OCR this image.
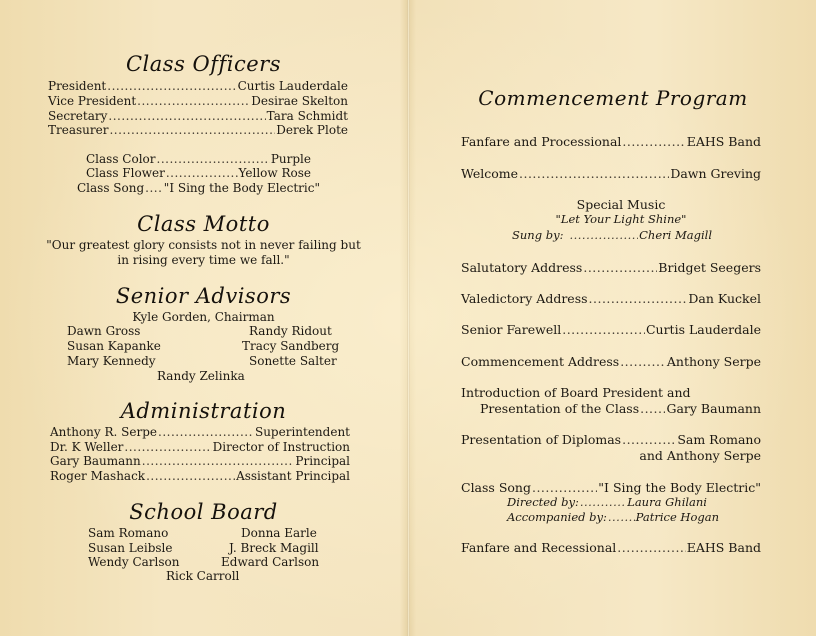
Class Officers
President .....	Curtis Lauderdale
Vice President .....	Desirae Skelton
Secretary .....	Tara Schmidt
Treasurer .....	Derek Plote
Class Color .....	Purple
Class Flower .....	Yellow Rose
Class Song ..... "I Sing the Body Electric"
Class Motto
"Our greatest glory consists not in never failing but
in rising every time we fall."
Senior Advisors
Kyle Gorden, Chairman
Dawn Gross	Randy Ridout
Susan Kapanke	Tracy Sandberg
Mary Kennedy	Sonette Salter
Randy Zelinka
Administration
Anthony R. Serpe .....	Superintendent
Dr. K Weller .....	Director of Instruction
Gary Baumann .....	Principal
Roger Mashack .....	Assistant Principal
School Board
Sam Romano	Donna Earle
Susan Leibsle	J. Breck Magill
Wendy Carlson	Edward Carlson
Rick Carroll
Commencement Program
Fanfare and Processional .....	EAHS Band
Welcome .....	Dawn Greving
Special Music
"Let Your Light Shine"
Sung by: .....	Cheri Magill
Salutatory Address .....	Bridget Seegers
Valedictory Address .....	Dan Kuckel
Senior Farewell .....	Curtis Lauderdale
Commencement Address .....	Anthony Serpe
Introduction of Board President and
Presentation of the Class ..... Gary Baumann
Presentation of Diplomas .....	Sam Romano
and Anthony Serpe
Class Song .....	"I Sing the Body Electric"
Directed by: .....	Laura Ghilani
Accompanied by: .....	Patrice Hogan
Fanfare and Recessional .....	EAHS Band
